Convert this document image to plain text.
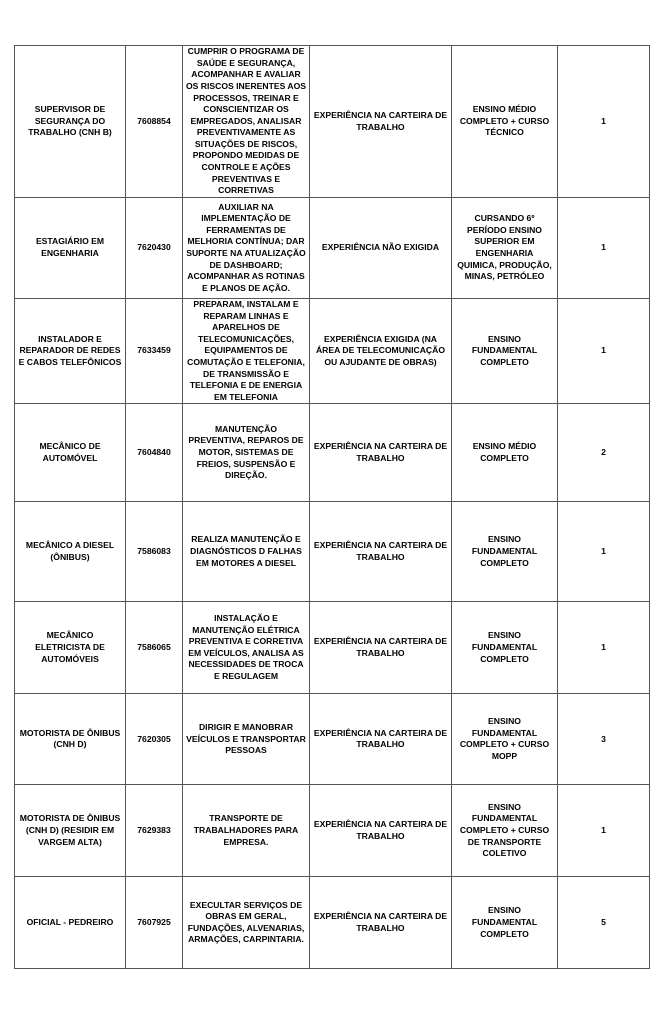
SUPERVISOR DE SEGURANÇA DO TRABALHO (CNH B)	7608854	CUMPRIR O PROGRAMA DE SAÚDE E SEGURANÇA, ACOMPANHAR E AVALIAR OS RISCOS INERENTES AOS PROCESSOS, TREINAR E CONSCIENTIZAR OS EMPREGADOS, ANALISAR PREVENTIVAMENTE AS SITUAÇÕES DE RISCOS, PROPONDO MEDIDAS DE CONTROLE E AÇÕES PREVENTIVAS E CORRETIVAS	EXPERIÊNCIA NA CARTEIRA DE TRABALHO	ENSINO MÉDIO COMPLETO + CURSO TÉCNICO	1
ESTAGIÁRIO EM ENGENHARIA	7620430	AUXILIAR NA IMPLEMENTAÇÃO DE FERRAMENTAS DE MELHORIA CONTÍNUA; DAR SUPORTE NA ATUALIZAÇÃO DE DASHBOARD; ACOMPANHAR AS ROTINAS E PLANOS DE AÇÃO.	EXPERIÊNCIA NÃO EXIGIDA	CURSANDO 6º PERÍODO ENSINO SUPERIOR EM ENGENHARIA QUIMICA, PRODUÇÃO, MINAS, PETRÓLEO	1
INSTALADOR E REPARADOR DE REDES E CABOS TELEFÔNICOS	7633459	PREPARAM, INSTALAM E REPARAM LINHAS E APARELHOS DE TELECOMUNICAÇÕES, EQUIPAMENTOS DE COMUTAÇÃO E TELEFONIA, DE TRANSMISSÃO E TELEFONIA E DE ENERGIA EM TELEFONIA	EXPERIÊNCIA EXIGIDA (NA ÁREA DE TELECOMUNICAÇÃO OU AJUDANTE DE OBRAS)	ENSINO FUNDAMENTAL COMPLETO	1
MECÂNICO DE AUTOMÓVEL	7604840	MANUTENÇÃO PREVENTIVA, REPAROS DE MOTOR, SISTEMAS DE FREIOS, SUSPENSÃO E DIREÇÃO.	EXPERIÊNCIA NA CARTEIRA DE TRABALHO	ENSINO MÉDIO COMPLETO	2
MECÂNICO A DIESEL (ÔNIBUS)	7586083	REALIZA MANUTENÇÃO E DIAGNÓSTICOS D FALHAS EM MOTORES A DIESEL	EXPERIÊNCIA NA CARTEIRA DE TRABALHO	ENSINO FUNDAMENTAL COMPLETO	1
MECÂNICO ELETRICISTA DE AUTOMÓVEIS	7586065	INSTALAÇÃO E MANUTENÇÃO ELÉTRICA PREVENTIVA E CORRETIVA EM VEÍCULOS, ANALISA AS NECESSIDADES DE TROCA E REGULAGEM	EXPERIÊNCIA NA CARTEIRA DE TRABALHO	ENSINO FUNDAMENTAL COMPLETO	1
MOTORISTA DE ÔNIBUS (CNH D)	7620305	DIRIGIR E MANOBRAR VEÍCULOS E TRANSPORTAR PESSOAS	EXPERIÊNCIA NA CARTEIRA DE TRABALHO	ENSINO FUNDAMENTAL COMPLETO + CURSO MOPP	3
MOTORISTA DE ÔNIBUS (CNH D) (RESIDIR EM VARGEM ALTA)	7629383	TRANSPORTE DE TRABALHADORES PARA EMPRESA.	EXPERIÊNCIA NA CARTEIRA DE TRABALHO	ENSINO FUNDAMENTAL COMPLETO + CURSO DE TRANSPORTE COLETIVO	1
OFICIAL - PEDREIRO	7607925	EXECULTAR SERVIÇOS DE OBRAS EM GERAL, FUNDAÇÕES, ALVENARIAS, ARMAÇÕES, CARPINTARIA.	EXPERIÊNCIA NA CARTEIRA DE TRABALHO	ENSINO FUNDAMENTAL COMPLETO	5
